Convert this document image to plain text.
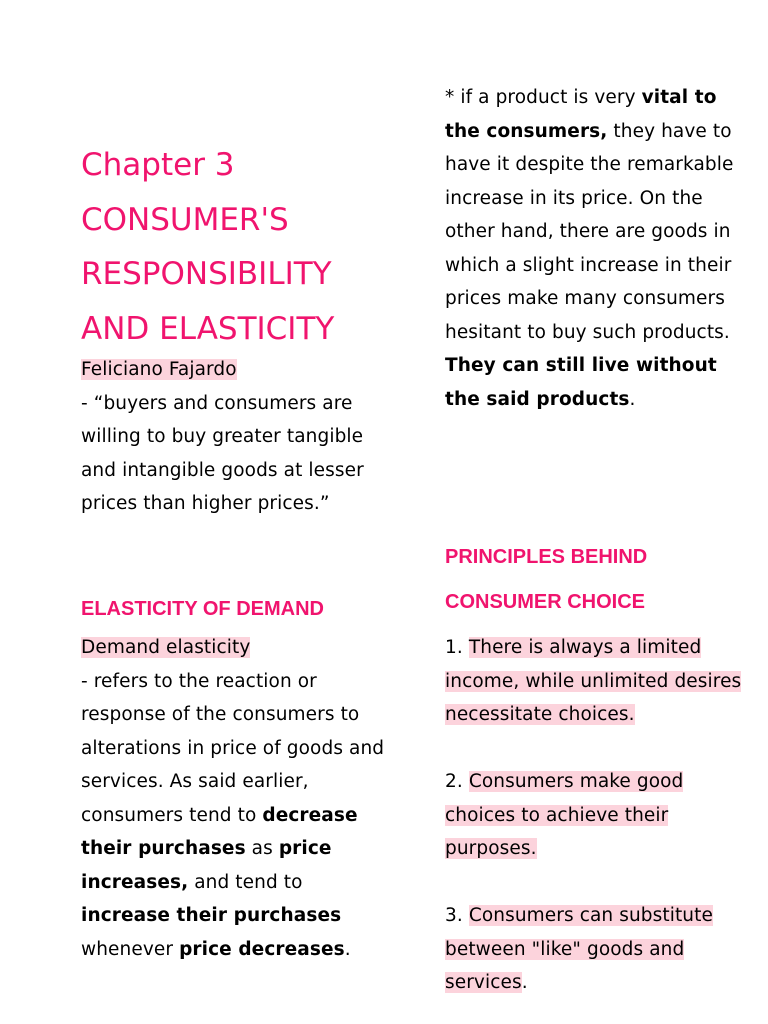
Chapter 3
CONSUMER'S
RESPONSIBILITY
AND ELASTICITY

Feliciano Fajardo

- “buyers and consumers are willing to buy greater tangible and intangible goods at lesser prices than higher prices.”

ELASTICITY OF DEMAND

Demand elasticity

- refers to the reaction or response of the consumers to alterations in price of goods and services. As said earlier, consumers tend to decrease their purchases as price increases, and tend to increase their purchases whenever price decreases.

* if a product is very vital to the consumers, they have to have it despite the remarkable increase in its price. On the other hand, there are goods in which a slight increase in their prices make many consumers hesitant to buy such products. They can still live without the said products.

PRINCIPLES BEHIND
CONSUMER CHOICE

1. There is always a limited income, while unlimited desires necessitate choices.

2. Consumers make good choices to achieve their purposes.

3. Consumers can substitute between "like" goods and services.
